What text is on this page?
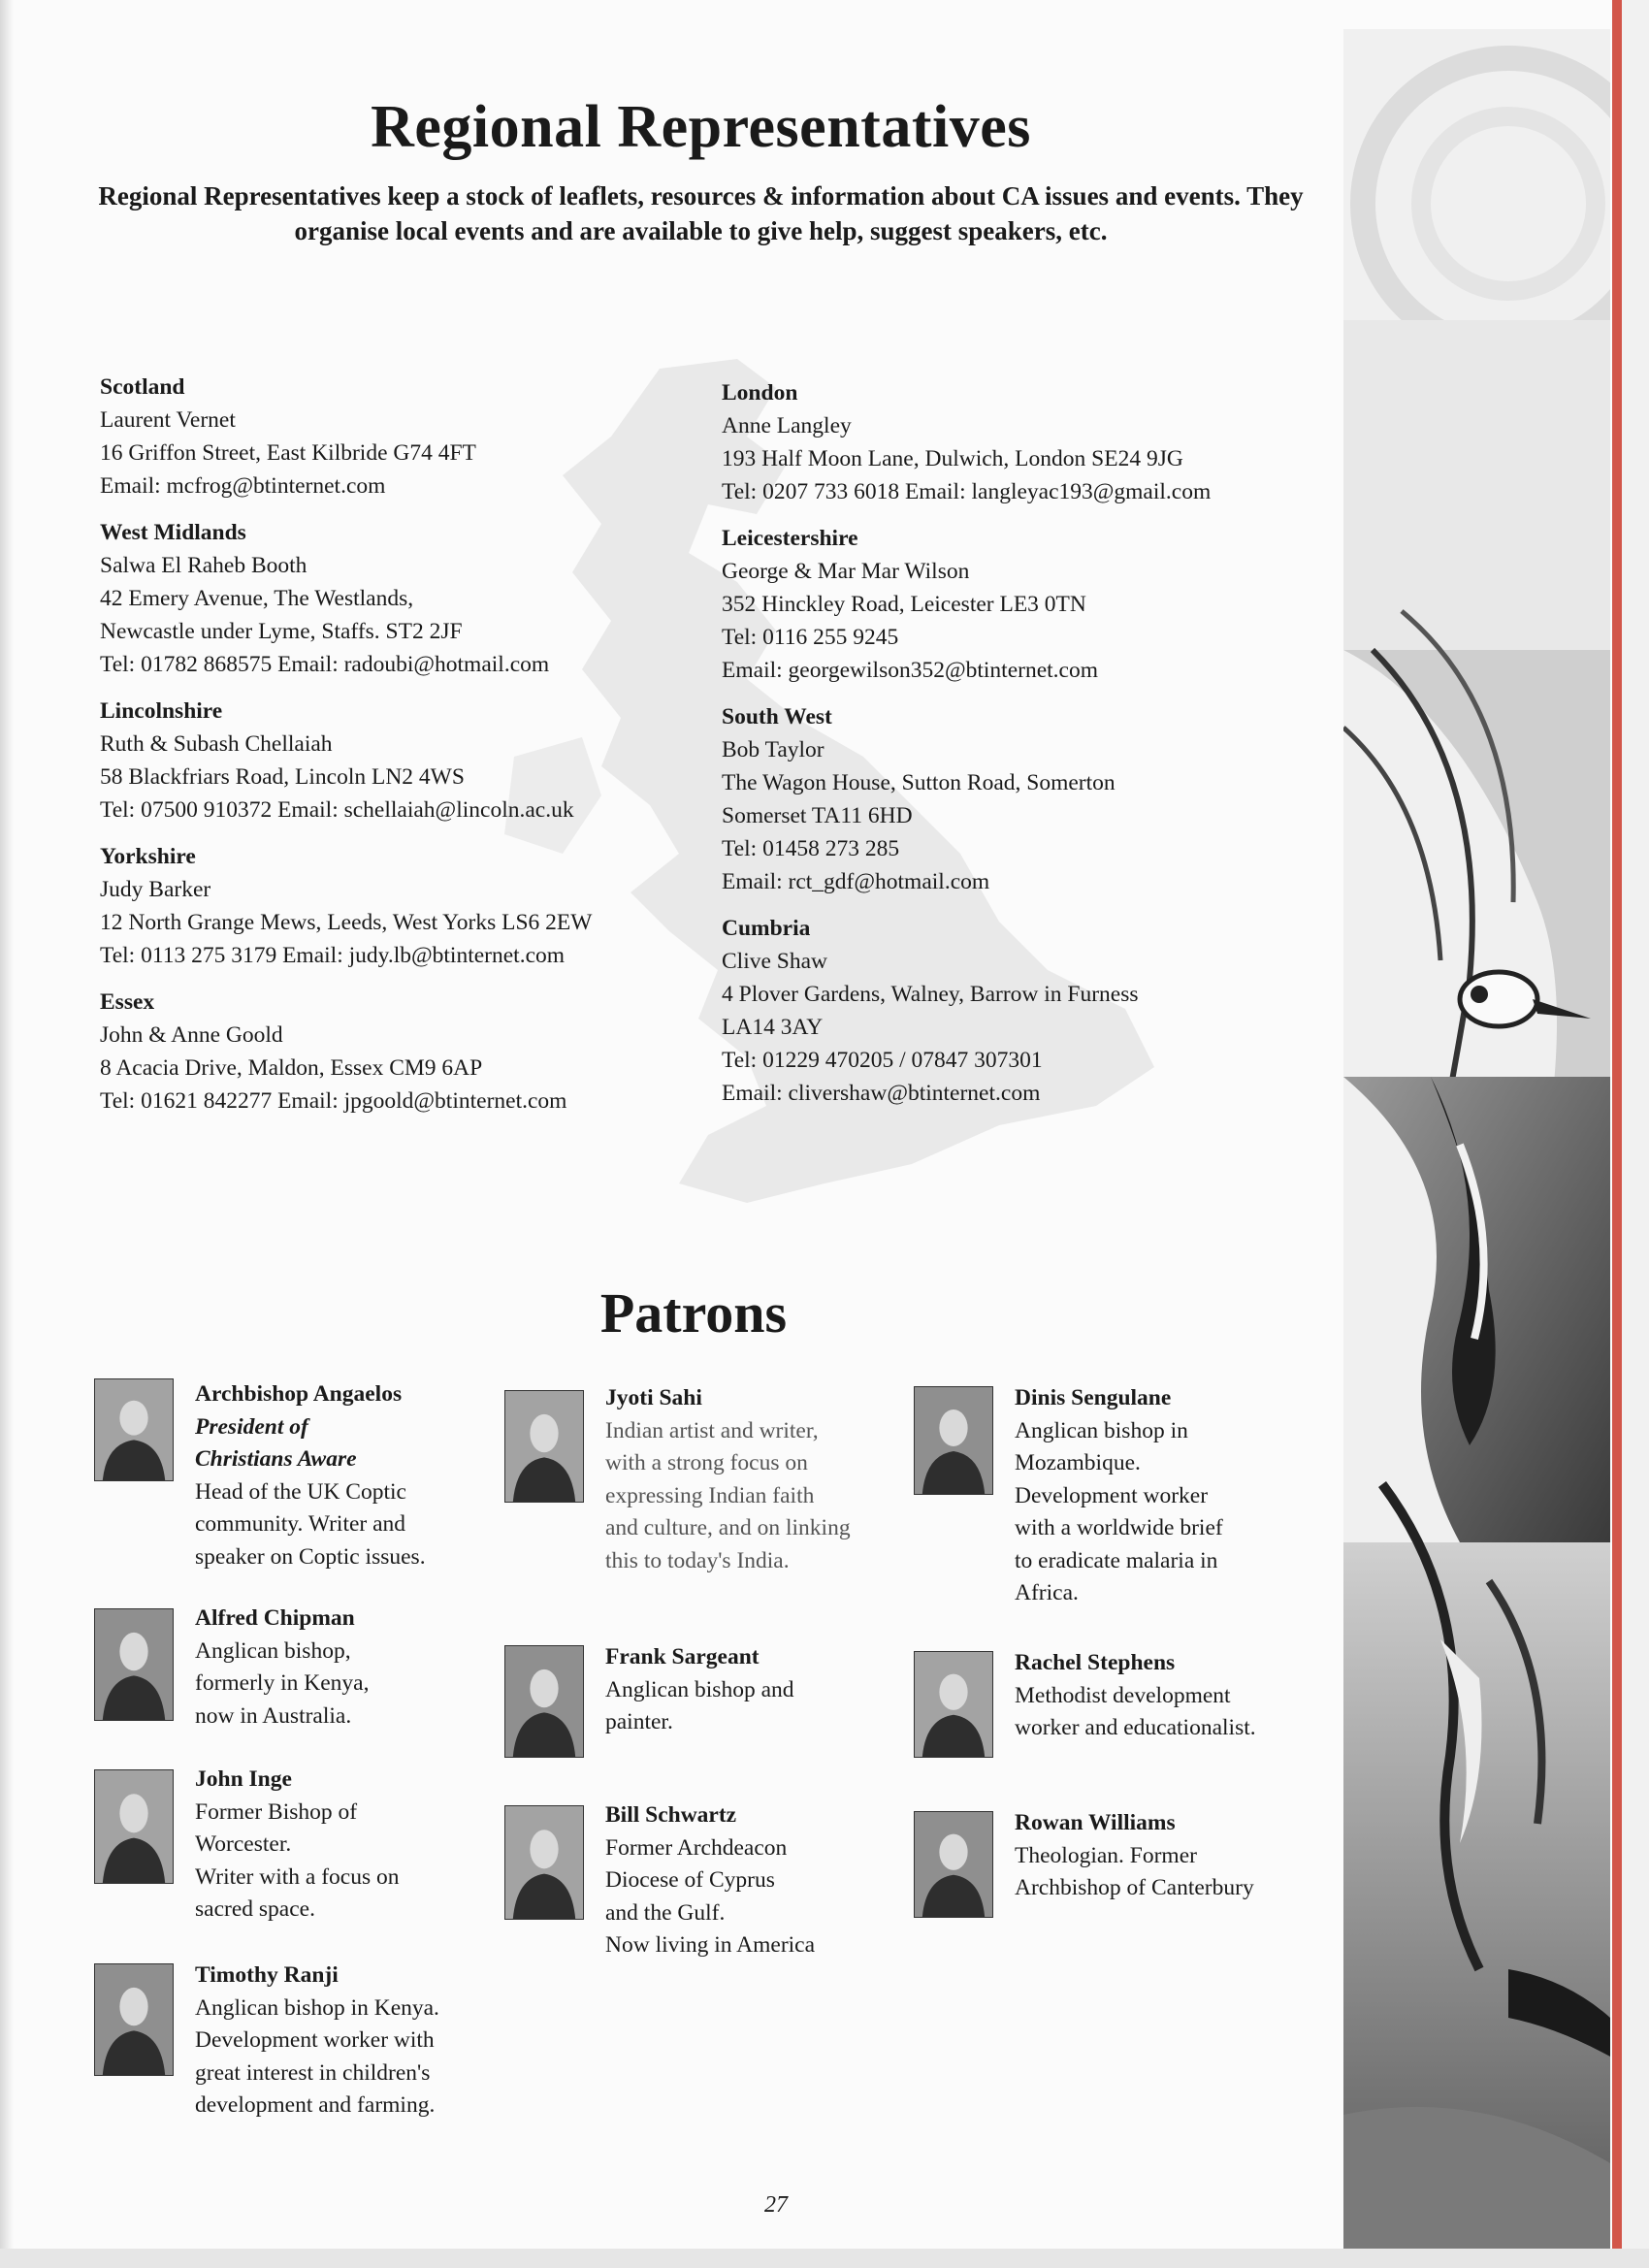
Regional Representatives

Regional Representatives keep a stock of leaflets, resources & information about CA issues and events. They organise local events and are available to give help, suggest speakers, etc.

Scotland
Laurent Vernet
16 Griffon Street, East Kilbride G74 4FT
Email: mcfrog@btinternet.com
West Midlands
Salwa El Raheb Booth
42 Emery Avenue, The Westlands,
Newcastle under Lyme, Staffs. ST2 2JF
Tel: 01782 868575 Email: radoubi@hotmail.com
Lincolnshire
Ruth & Subash Chellaiah
58 Blackfriars Road, Lincoln LN2 4WS
Tel: 07500 910372 Email: schellaiah@lincoln.ac.uk
Yorkshire
Judy Barker
12 North Grange Mews, Leeds, West Yorks LS6 2EW
Tel: 0113 275 3179 Email: judy.lb@btinternet.com
Essex
John & Anne Goold
8 Acacia Drive, Maldon, Essex CM9 6AP
Tel: 01621 842277 Email: jpgoold@btinternet.com
London
Anne Langley
193 Half Moon Lane, Dulwich, London SE24 9JG
Tel: 0207 733 6018 Email: langleyac193@gmail.com
Leicestershire
George & Mar Mar Wilson
352 Hinckley Road, Leicester LE3 0TN
Tel: 0116 255 9245
Email: georgewilson352@btinternet.com
South West
Bob Taylor
The Wagon House, Sutton Road, Somerton
Somerset TA11 6HD
Tel: 01458 273 285
Email: rct_gdf@hotmail.com
Cumbria
Clive Shaw
4 Plover Gardens, Walney, Barrow in Furness
LA14 3AY
Tel: 01229 470205 / 07847 307301
Email: clivershaw@btinternet.com
Patrons
Archbishop Angaelos
President of
Christians Aware
Head of the UK Coptic
community. Writer and
speaker on Coptic issues.
Alfred Chipman
Anglican bishop,
formerly in Kenya,
now in Australia.
John Inge
Former Bishop of
Worcester.
Writer with a focus on
sacred space.
Timothy Ranji
Anglican bishop in Kenya.
Development worker with
great interest in children's
development and farming.
Jyoti Sahi
Indian artist and writer,
with a strong focus on
expressing Indian faith
and culture, and on linking
this to today's India.
Frank Sargeant
Anglican bishop and
painter.
Bill Schwartz
Former Archdeacon
Diocese of Cyprus
and the Gulf.
Now living in America
Dinis Sengulane
Anglican bishop in
Mozambique.
Development worker
with a worldwide brief
to eradicate malaria in
Africa.
Rachel Stephens
Methodist development
worker and educationalist.
Rowan Williams
Theologian. Former
Archbishop of Canterbury
27
